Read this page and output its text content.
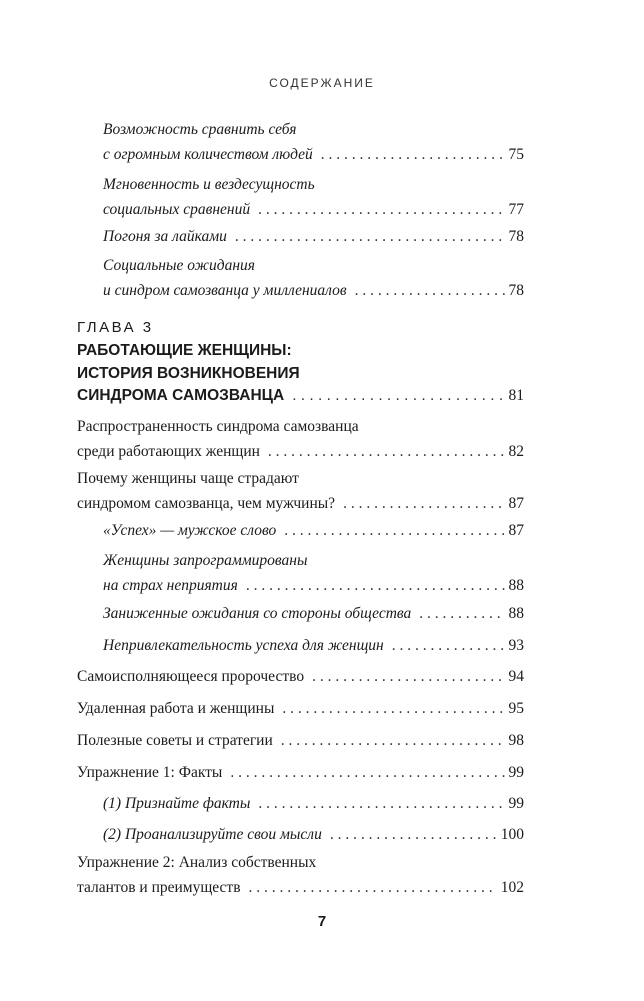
СОДЕРЖАНИЕ
Возможность сравнить себя
с огромным количеством людей . . .	75
Мгновенность и вездесущность
социальных сравнений . . .	77
Погоня за лайками . . .	78
Социальные ожидания
и синдром самозванца у миллениалов . . .	78
ГЛАВА 3
РАБОТАЮЩИЕ ЖЕНЩИНЫ:
ИСТОРИЯ ВОЗНИКНОВЕНИЯ
СИНДРОМА САМОЗВАНЦА . . .	81
Распространенность синдрома самозванца
среди работающих женщин . . .	82
Почему женщины чаще страдают
синдромом самозванца, чем мужчины? . . .	87
«Успех» — мужское слово . . .	87
Женщины запрограммированы
на страх неприятия . . .	88
Заниженные ожидания со стороны общества . . .	88
Непривлекательность успеха для женщин . . .	93
Самоисполняющееся пророчество . . .	94
Удаленная работа и женщины . . .	95
Полезные советы и стратегии . . .	98
Упражнение 1: Факты . . .	99
(1) Признайте факты . . .	99
(2) Проанализируйте свои мысли . . .	100
Упражнение 2: Анализ собственных
талантов и преимуществ . . .	102
7
